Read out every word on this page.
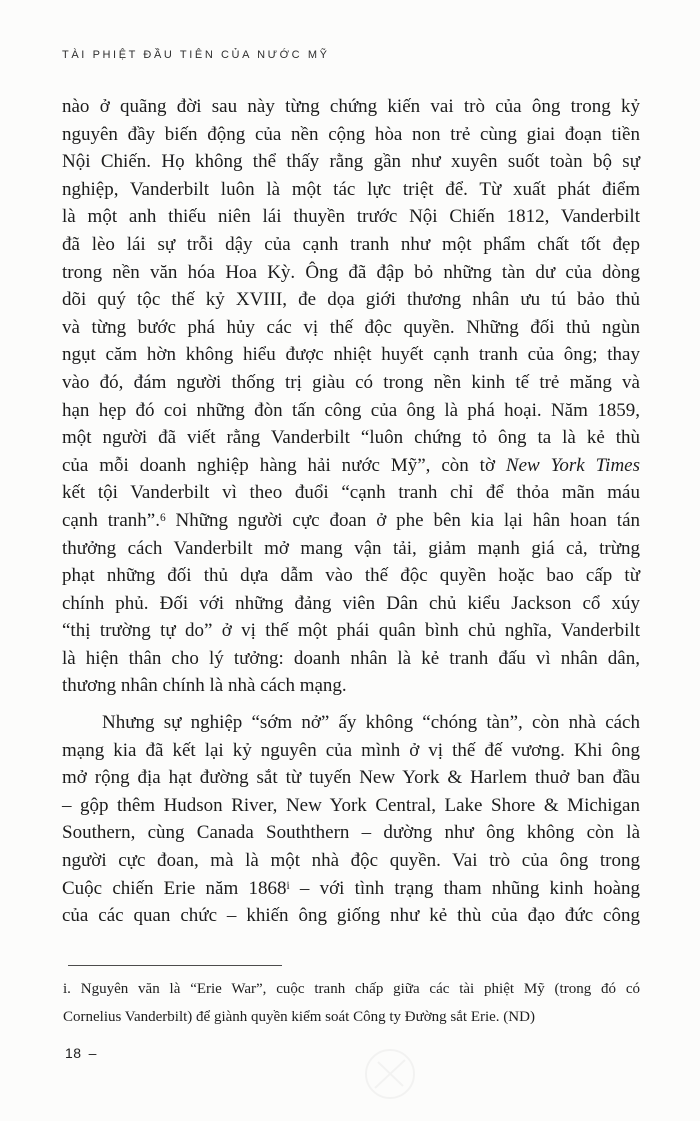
TÀI PHIỆT ĐẦU TIÊN CỦA NƯỚC MỸ
nào ở quãng đời sau này từng chứng kiến vai trò của ông trong kỷ
nguyên đầy biến động của nền cộng hòa non trẻ cùng giai đoạn tiền
Nội Chiến. Họ không thể thấy rằng gần như xuyên suốt toàn bộ sự
nghiệp, Vanderbilt luôn là một tác lực triệt để. Từ xuất phát điểm
là một anh thiếu niên lái thuyền trước Nội Chiến 1812, Vanderbilt
đã lèo lái sự trỗi dậy của cạnh tranh như một phẩm chất tốt đẹp
trong nền văn hóa Hoa Kỳ. Ông đã đập bỏ những tàn dư của dòng
dõi quý tộc thế kỷ XVIII, đe dọa giới thương nhân ưu tú bảo thủ
và từng bước phá hủy các vị thế độc quyền. Những đối thủ ngùn
ngụt căm hờn không hiểu được nhiệt huyết cạnh tranh của ông; thay
vào đó, đám người thống trị giàu có trong nền kinh tế trẻ măng và
hạn hẹp đó coi những đòn tấn công của ông là phá hoại. Năm 1859,
một người đã viết rằng Vanderbilt “luôn chứng tỏ ông ta là kẻ thù
của mỗi doanh nghiệp hàng hải nước Mỹ”, còn tờ New York Times
kết tội Vanderbilt vì theo đuổi “cạnh tranh chỉ để thỏa mãn máu
cạnh tranh”.$^6$ Những người cực đoan ở phe bên kia lại hân hoan tán
thưởng cách Vanderbilt mở mang vận tải, giảm mạnh giá cả, trừng
phạt những đối thủ dựa dẫm vào thế độc quyền hoặc bao cấp từ
chính phủ. Đối với những đảng viên Dân chủ kiểu Jackson cổ xúy
“thị trường tự do” ở vị thế một phái quân bình chủ nghĩa, Vanderbilt
là hiện thân cho lý tưởng: doanh nhân là kẻ tranh đấu vì nhân dân,
thương nhân chính là nhà cách mạng.
Nhưng sự nghiệp “sớm nở” ấy không “chóng tàn”, còn nhà cách
mạng kia đã kết lại kỷ nguyên của mình ở vị thế đế vương. Khi ông
mở rộng địa hạt đường sắt từ tuyến New York & Harlem thuở ban đầu
– gộp thêm Hudson River, New York Central, Lake Shore & Michigan
Southern, cùng Canada Souththern – dường như ông không còn là
người cực đoan, mà là một nhà độc quyền. Vai trò của ông trong
Cuộc chiến Erie năm 1868$^i$ – với tình trạng tham nhũng kinh hoàng
của các quan chức – khiến ông giống như kẻ thù của đạo đức công
i. Nguyên văn là “Erie War”, cuộc tranh chấp giữa các tài phiệt Mỹ (trong đó có
Cornelius Vanderbilt) để giành quyền kiểm soát Công ty Đường sắt Erie. (ND)
18 –
